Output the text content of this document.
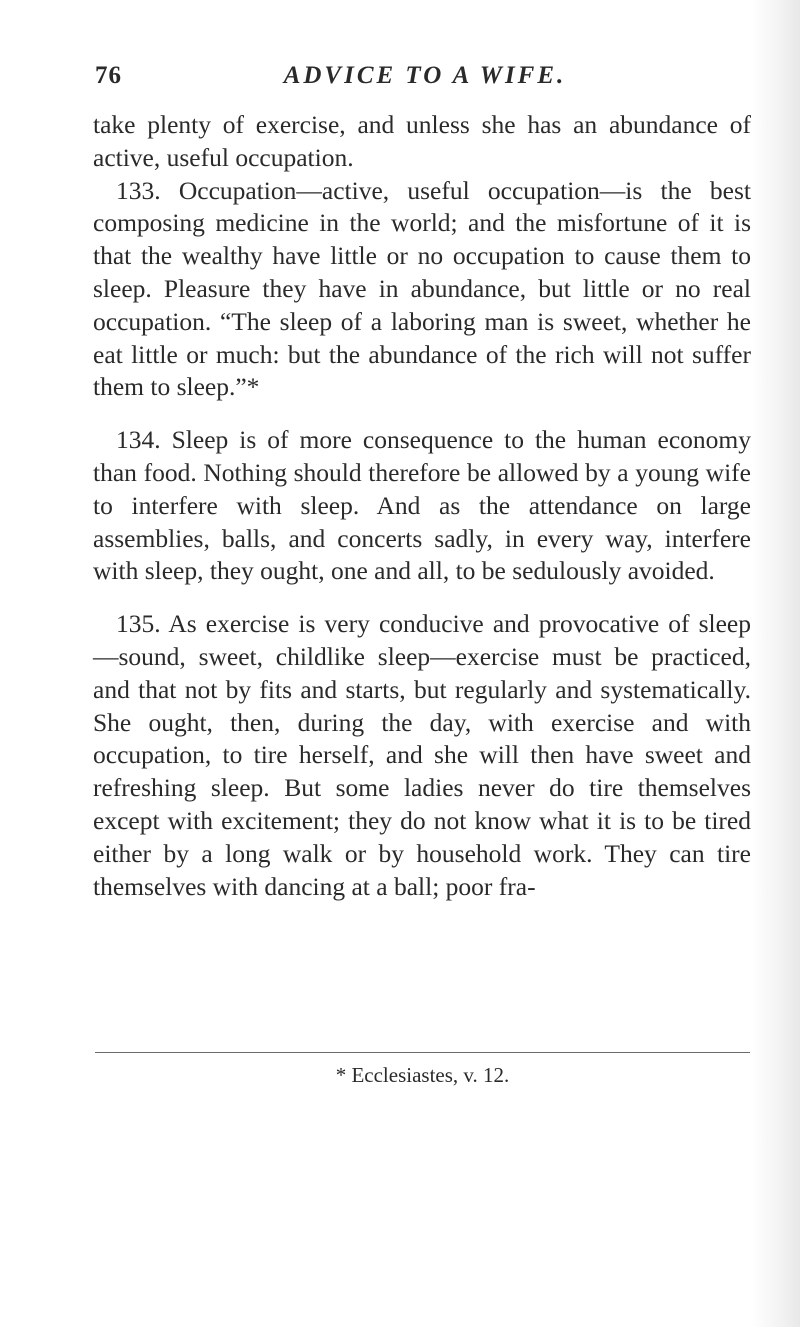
76	ADVICE TO A WIFE.

take plenty of exercise, and unless she has an abundance of active, useful occupation.

133. Occupation—active, useful occupation—is the best composing medicine in the world; and the misfortune of it is that the wealthy have little or no occupation to cause them to sleep. Pleasure they have in abundance, but little or no real occupation. “The sleep of a laboring man is sweet, whether he eat little or much: but the abundance of the rich will not suffer them to sleep.”*

134. Sleep is of more consequence to the human economy than food. Nothing should therefore be allowed by a young wife to interfere with sleep. And as the attendance on large assemblies, balls, and concerts sadly, in every way, interfere with sleep, they ought, one and all, to be sedulously avoided.

135. As exercise is very conducive and provocative of sleep—sound, sweet, childlike sleep—exercise must be practiced, and that not by fits and starts, but regularly and systematically. She ought, then, during the day, with exercise and with occupation, to tire herself, and she will then have sweet and refreshing sleep. But some ladies never do tire themselves except with excitement; they do not know what it is to be tired either by a long walk or by household work. They can tire themselves with dancing at a ball; poor fra-

* Ecclesiastes, v. 12.
